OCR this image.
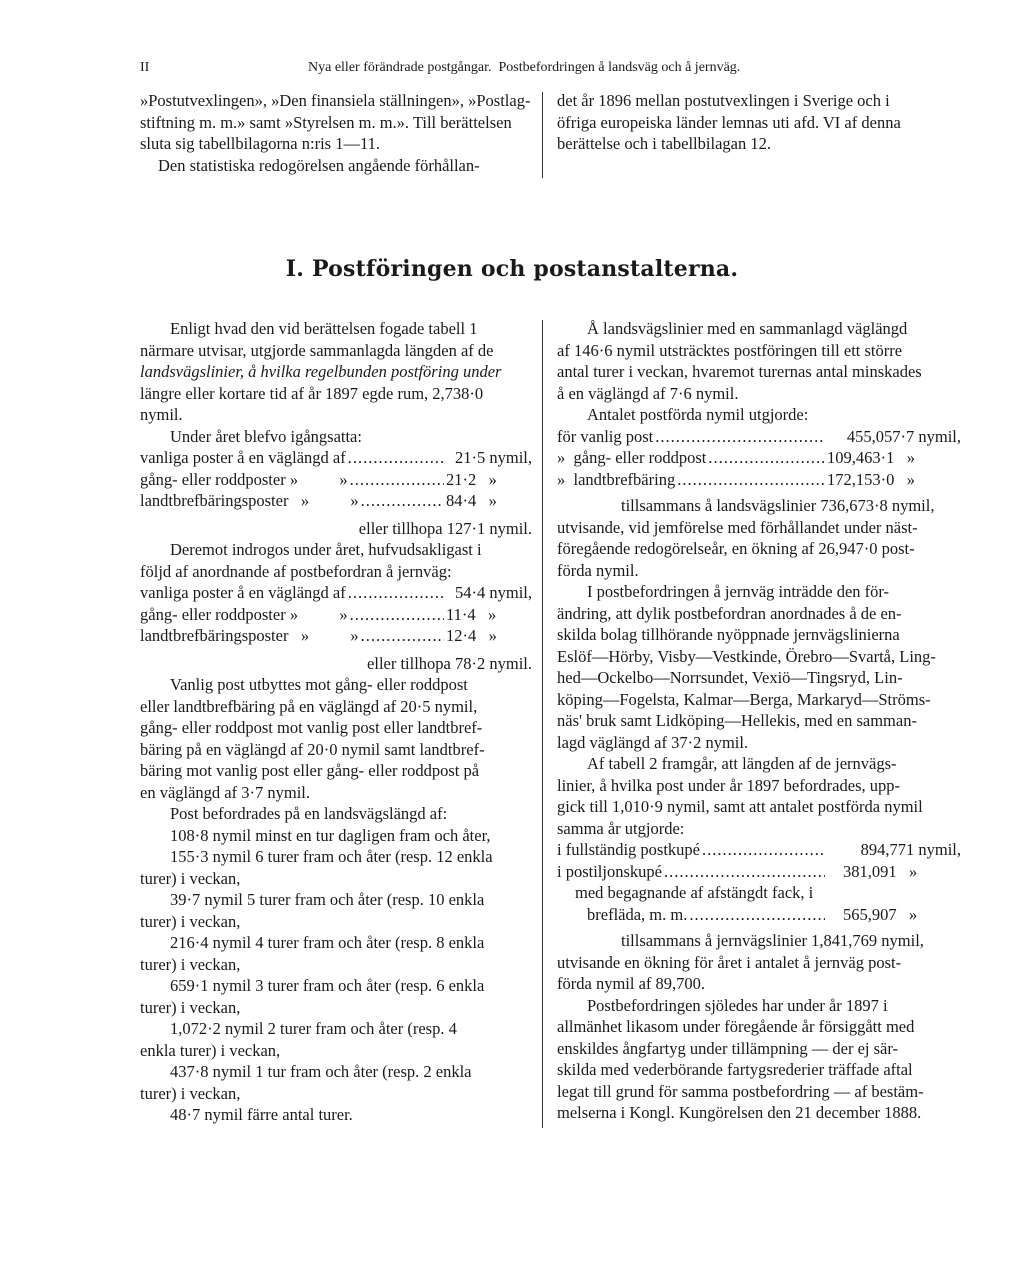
II	Nya eller förändrade postgångar.  Postbefordringen å landsväg och å jernväg.
»Postutvexlingen», »Den finansiela ställningen», »Postlag-
stiftning m. m.» samt »Styrelsen m. m.». Till berättelsen
sluta sig tabellbilagorna n:ris 1—11.
Den statistiska redogörelsen angående förhållan-
det år 1896 mellan postutvexlingen i Sverige och i
öfriga europeiska länder lemnas uti afd. VI af denna
berättelse och i tabellbilagan 12.
I. Postföringen och postanstalterna.
Enligt hvad den vid berättelsen fogade tabell 1
närmare utvisar, utgjorde sammanlagda längden af de
landsvägslinier, å hvilka regelbunden postföring under
längre eller kortare tid af år 1897 egde rum, 2,738·0
nymil.
Under året blefvo igångsatta:
vanliga poster å en väglängd af .....	21·5 nymil,
gång- eller roddposter »          » .....	21·2   »
landtbrefbäringsposter   »          » .....	84·4   »
eller tillhopa 127·1 nymil.
Deremot indrogos under året, hufvudsakligast i
följd af anordnande af postbefordran å jernväg:
vanliga poster å en väglängd af .....	54·4 nymil,
gång- eller roddposter »          » .....	11·4   »
landtbrefbäringsposter   »          » .....	12·4   »
eller tillhopa 78·2 nymil.
Vanlig post utbyttes mot gång- eller roddpost
eller landtbrefbäring på en väglängd af 20·5 nymil,
gång- eller roddpost mot vanlig post eller landtbref-
bäring på en väglängd af 20·0 nymil samt landtbref-
bäring mot vanlig post eller gång- eller roddpost på
en väglängd af 3·7 nymil.
Post befordrades på en landsvägslängd af:
108·8 nymil minst en tur dagligen fram och åter,
155·3 nymil 6 turer fram och åter (resp. 12 enkla
turer) i veckan,
39·7 nymil 5 turer fram och åter (resp. 10 enkla
turer) i veckan,
216·4 nymil 4 turer fram och åter (resp. 8 enkla
turer) i veckan,
659·1 nymil 3 turer fram och åter (resp. 6 enkla
turer) i veckan,
1,072·2 nymil 2 turer fram och åter (resp. 4
enkla turer) i veckan,
437·8 nymil 1 tur fram och åter (resp. 2 enkla
turer) i veckan,
48·7 nymil färre antal turer.
Å landsvägslinier med en sammanlagd väglängd
af 146·6 nymil utsträcktes postföringen till ett större
antal turer i veckan, hvaremot turernas antal minskades
å en väglängd af 7·6 nymil.
Antalet postförda nymil utgjorde:
för vanlig post .....	455,057·7 nymil,
»  gång- eller roddpost .....	109,463·1   »
»  landtbrefbäring .....	172,153·0   »
tillsammans å landsvägslinier 736,673·8 nymil,
utvisande, vid jemförelse med förhållandet under näst-
föregående redogörelseår, en ökning af 26,947·0 post-
förda nymil.
I postbefordringen å jernväg inträdde den för-
ändring, att dylik postbefordran anordnades å de en-
skilda bolag tillhörande nyöppnade jernvägslinierna
Eslöf—Hörby, Visby—Vestkinde, Örebro—Svartå, Ling-
hed—Ockelbo—Norrsundet, Vexiö—Tingsryd, Lin-
köping—Fogelsta, Kalmar—Berga, Markaryd—Ströms-
näs' bruk samt Lidköping—Hellekis, med en samman-
lagd väglängd af 37·2 nymil.
Af tabell 2 framgår, att längden af de jernvägs-
linier, å hvilka post under år 1897 befordrades, upp-
gick till 1,010·9 nymil, samt att antalet postförda nymil
samma år utgjorde:
i fullständig postkupé .....	894,771 nymil,
i postiljonskupé .....	381,091   »
med begagnande af afstängdt fack, i
brefläda, m. m. .....	565,907   »
tillsammans å jernvägslinier 1,841,769 nymil,
utvisande en ökning för året i antalet å jernväg post-
förda nymil af 89,700.
Postbefordringen sjöledes har under år 1897 i
allmänhet likasom under föregående år försiggått med
enskildes ångfartyg under tillämpning — der ej sär-
skilda med vederbörande fartygsrederier träffade aftal
legat till grund för samma postbefordring — af bestäm-
melserna i Kongl. Kungörelsen den 21 december 1888.
